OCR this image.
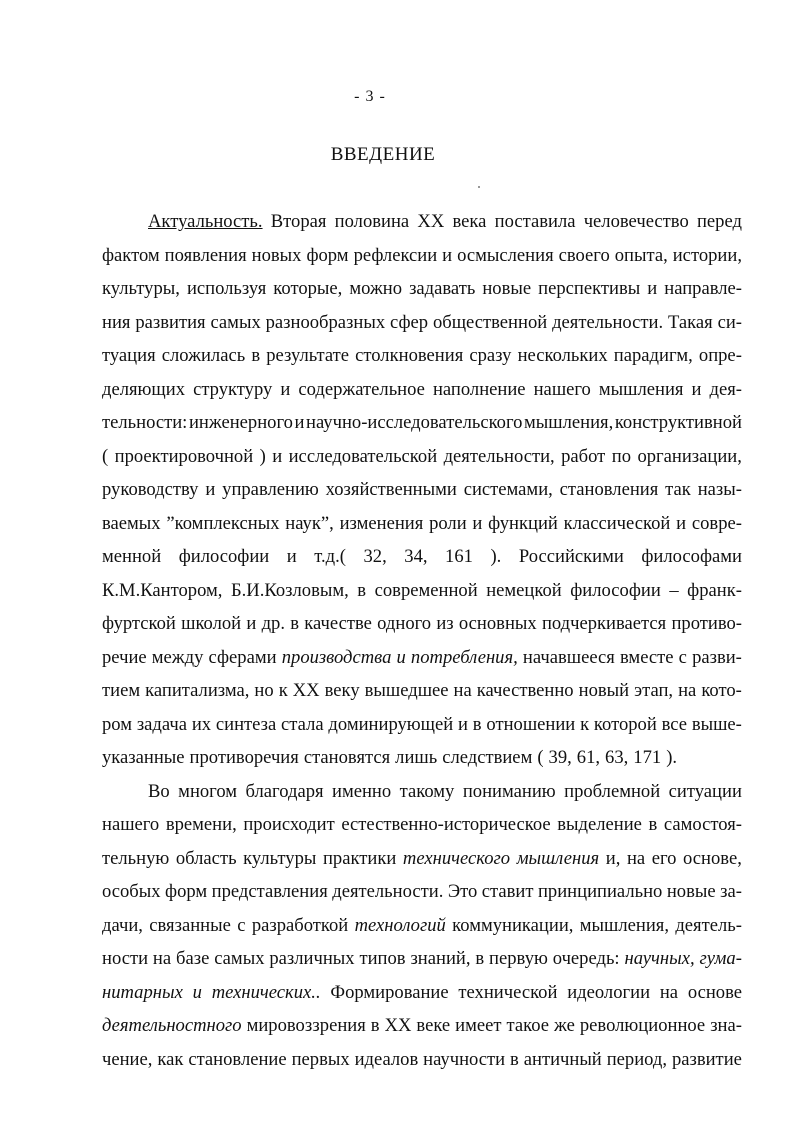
- 3 -
ВВЕДЕНИЕ
Актуальность. Вторая половина XX века поставила человечество перед
фактом появления новых форм рефлексии и осмысления своего опыта, истории,
культуры, используя которые, можно задавать новые перспективы и направле-
ния развития самых разнообразных сфер общественной деятельности. Такая си-
туация сложилась в результате столкновения сразу нескольких парадигм, опре-
деляющих структуру и содержательное наполнение нашего мышления и дея-
тельности: инженерного и научно-исследовательского мышления, конструктивной
( проектировочной ) и исследовательской деятельности, работ по организации,
руководству и управлению хозяйственными системами, становления так назы-
ваемых ”комплексных наук”, изменения роли и функций классической и совре-
менной философии и т.д.( 32, 34, 161 ). Российскими философами
К.М.Кантором, Б.И.Козловым, в современной немецкой философии – франк-
фуртской школой и др. в качестве одного из основных подчеркивается противо-
речие между сферами производства и потребления, начавшееся вместе с разви-
тием капитализма, но к XX веку вышедшее на качественно новый этап, на кото-
ром задача их синтеза стала доминирующей и в отношении к которой все выше-
указанные противоречия становятся лишь следствием ( 39, 61, 63, 171 ).
Во многом благодаря именно такому пониманию проблемной ситуации
нашего времени, происходит естественно-историческое выделение в самостоя-
тельную область культуры практики технического мышления и, на его основе,
особых форм представления деятельности. Это ставит принципиально новые за-
дачи, связанные с разработкой технологий коммуникации, мышления, деятель-
ности на базе самых различных типов знаний, в первую очередь: научных, гума-
нитарных и технических.. Формирование технической идеологии на основе
деятельностного мировоззрения в XX веке имеет такое же революционное зна-
чение, как становление первых идеалов научности в античный период, развитие
